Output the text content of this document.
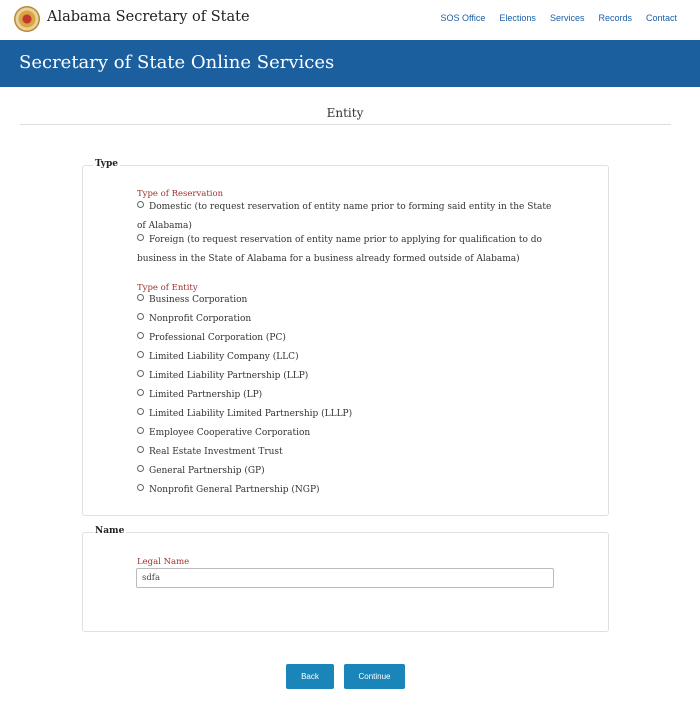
Alabama Secretary of State	SOS Office Elections Services Records Contact
Secretary of State Online Services
Entity
Type
Type of Reservation
Domestic (to request reservation of entity name prior to forming said entity in the State of Alabama)
Foreign (to request reservation of entity name prior to applying for qualification to do business in the State of Alabama for a business already formed outside of Alabama)
Type of Entity
Business Corporation
Nonprofit Corporation
Professional Corporation (PC)
Limited Liability Company (LLC)
Limited Liability Partnership (LLP)
Limited Partnership (LP)
Limited Liability Limited Partnership (LLLP)
Employee Cooperative Corporation
Real Estate Investment Trust
General Partnership (GP)
Nonprofit General Partnership (NGP)
Name
Legal Name
sdfa
Back	Continue
